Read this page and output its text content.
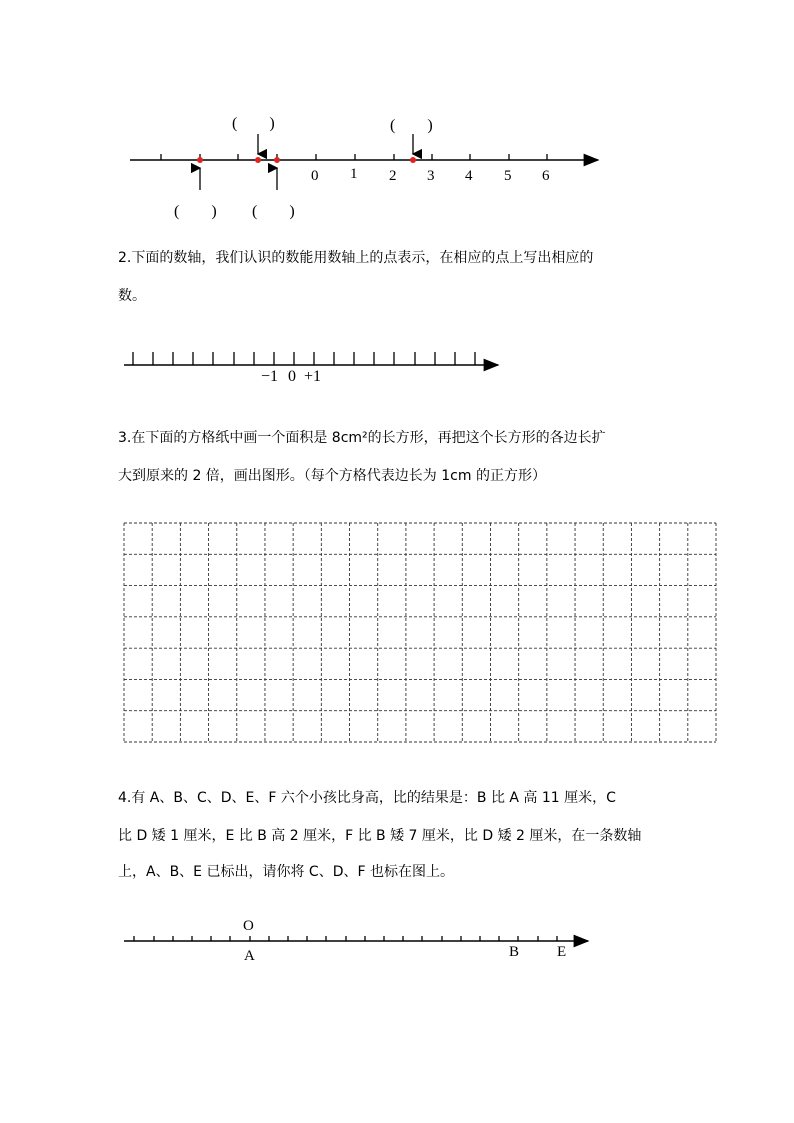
0 1 2 3 4 5 6
(　　)	(　　)
(　　) (　　)
2.下面的数轴，我们认识的数能用数轴上的点表示，在相应的点上写出相应的
数。
−1 0 +1
3.在下面的方格纸中画一个面积是 8cm²的长方形，再把这个长方形的各边长扩
大到原来的 2 倍，画出图形。（每个方格代表边长为 1cm 的正方形）
4.有 A、B、C、D、E、F 六个小孩比身高，比的结果是：B 比 A 高 11 厘米，C
比 D 矮 1 厘米，E 比 B 高 2 厘米，F 比 B 矮 7 厘米，比 D 矮 2 厘米，在一条数轴
上，A、B、E 已标出，请你将 C、D、F 也标在图上。
O
A	B	E
